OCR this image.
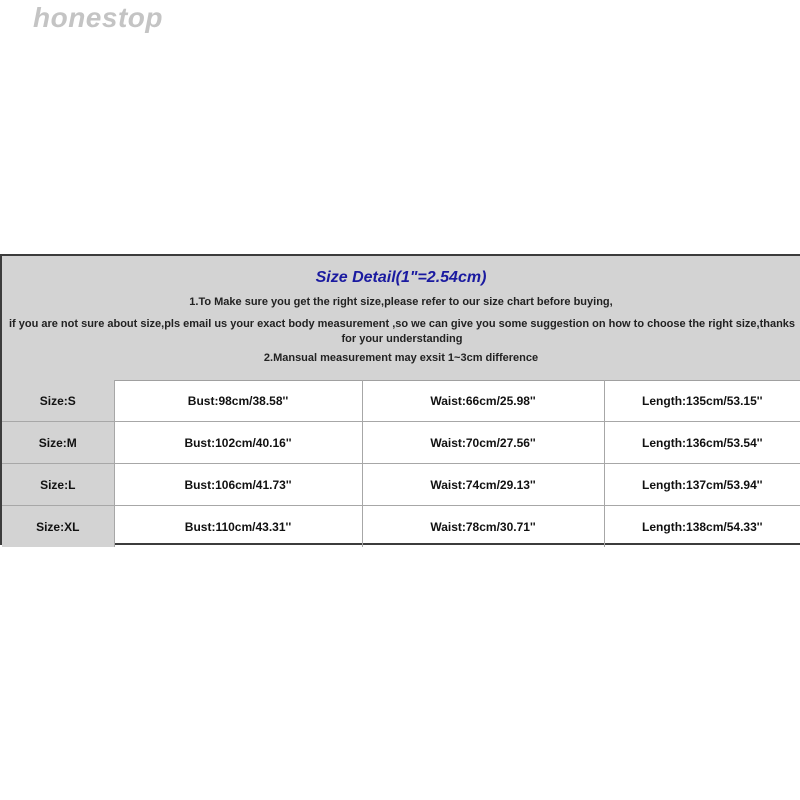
honestop
Size Detail(1"=2.54cm)
1.To Make sure you get the right size,please refer to our size chart before buying,
if you are not sure about size,pls email us your exact body measurement ,so we can give you some suggestion on how to choose the right size,thanks for your understanding
2.Mansual measurement may exsit 1~3cm difference
Size:S	Bust:98cm/38.58''	Waist:66cm/25.98''	Length:135cm/53.15''
Size:M	Bust:102cm/40.16''	Waist:70cm/27.56''	Length:136cm/53.54''
Size:L	Bust:106cm/41.73''	Waist:74cm/29.13''	Length:137cm/53.94''
Size:XL	Bust:110cm/43.31''	Waist:78cm/30.71''	Length:138cm/54.33''
